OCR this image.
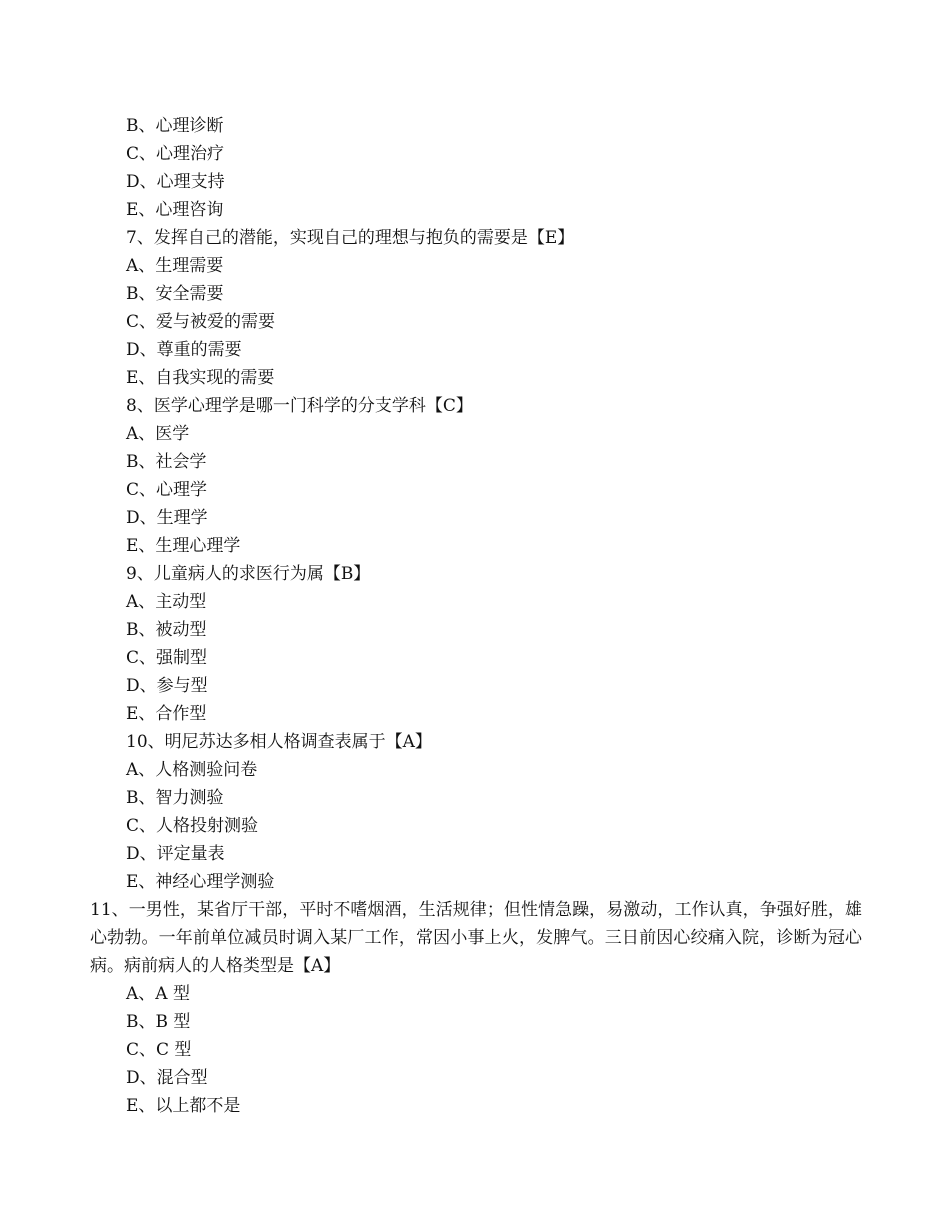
B、心理诊断
C、心理治疗
D、心理支持
E、心理咨询
7、发挥自己的潜能，实现自己的理想与抱负的需要是【E】
A、生理需要
B、安全需要
C、爱与被爱的需要
D、尊重的需要
E、自我实现的需要
8、医学心理学是哪一门科学的分支学科【C】
A、医学
B、社会学
C、心理学
D、生理学
E、生理心理学
9、儿童病人的求医行为属【B】
A、主动型
B、被动型
C、强制型
D、参与型
E、合作型
10、明尼苏达多相人格调查表属于【A】
A、人格测验问卷
B、智力测验
C、人格投射测验
D、评定量表
E、神经心理学测验
11、一男性，某省厅干部，平时不嗜烟酒，生活规律；但性情急躁，易激动，工作认真，争强好胜，雄心勃勃。一年前单位减员时调入某厂工作，常因小事上火，发脾气。三日前因心绞痛入院，诊断为冠心病。病前病人的人格类型是【A】
A、A 型
B、B 型
C、C 型
D、混合型
E、以上都不是
